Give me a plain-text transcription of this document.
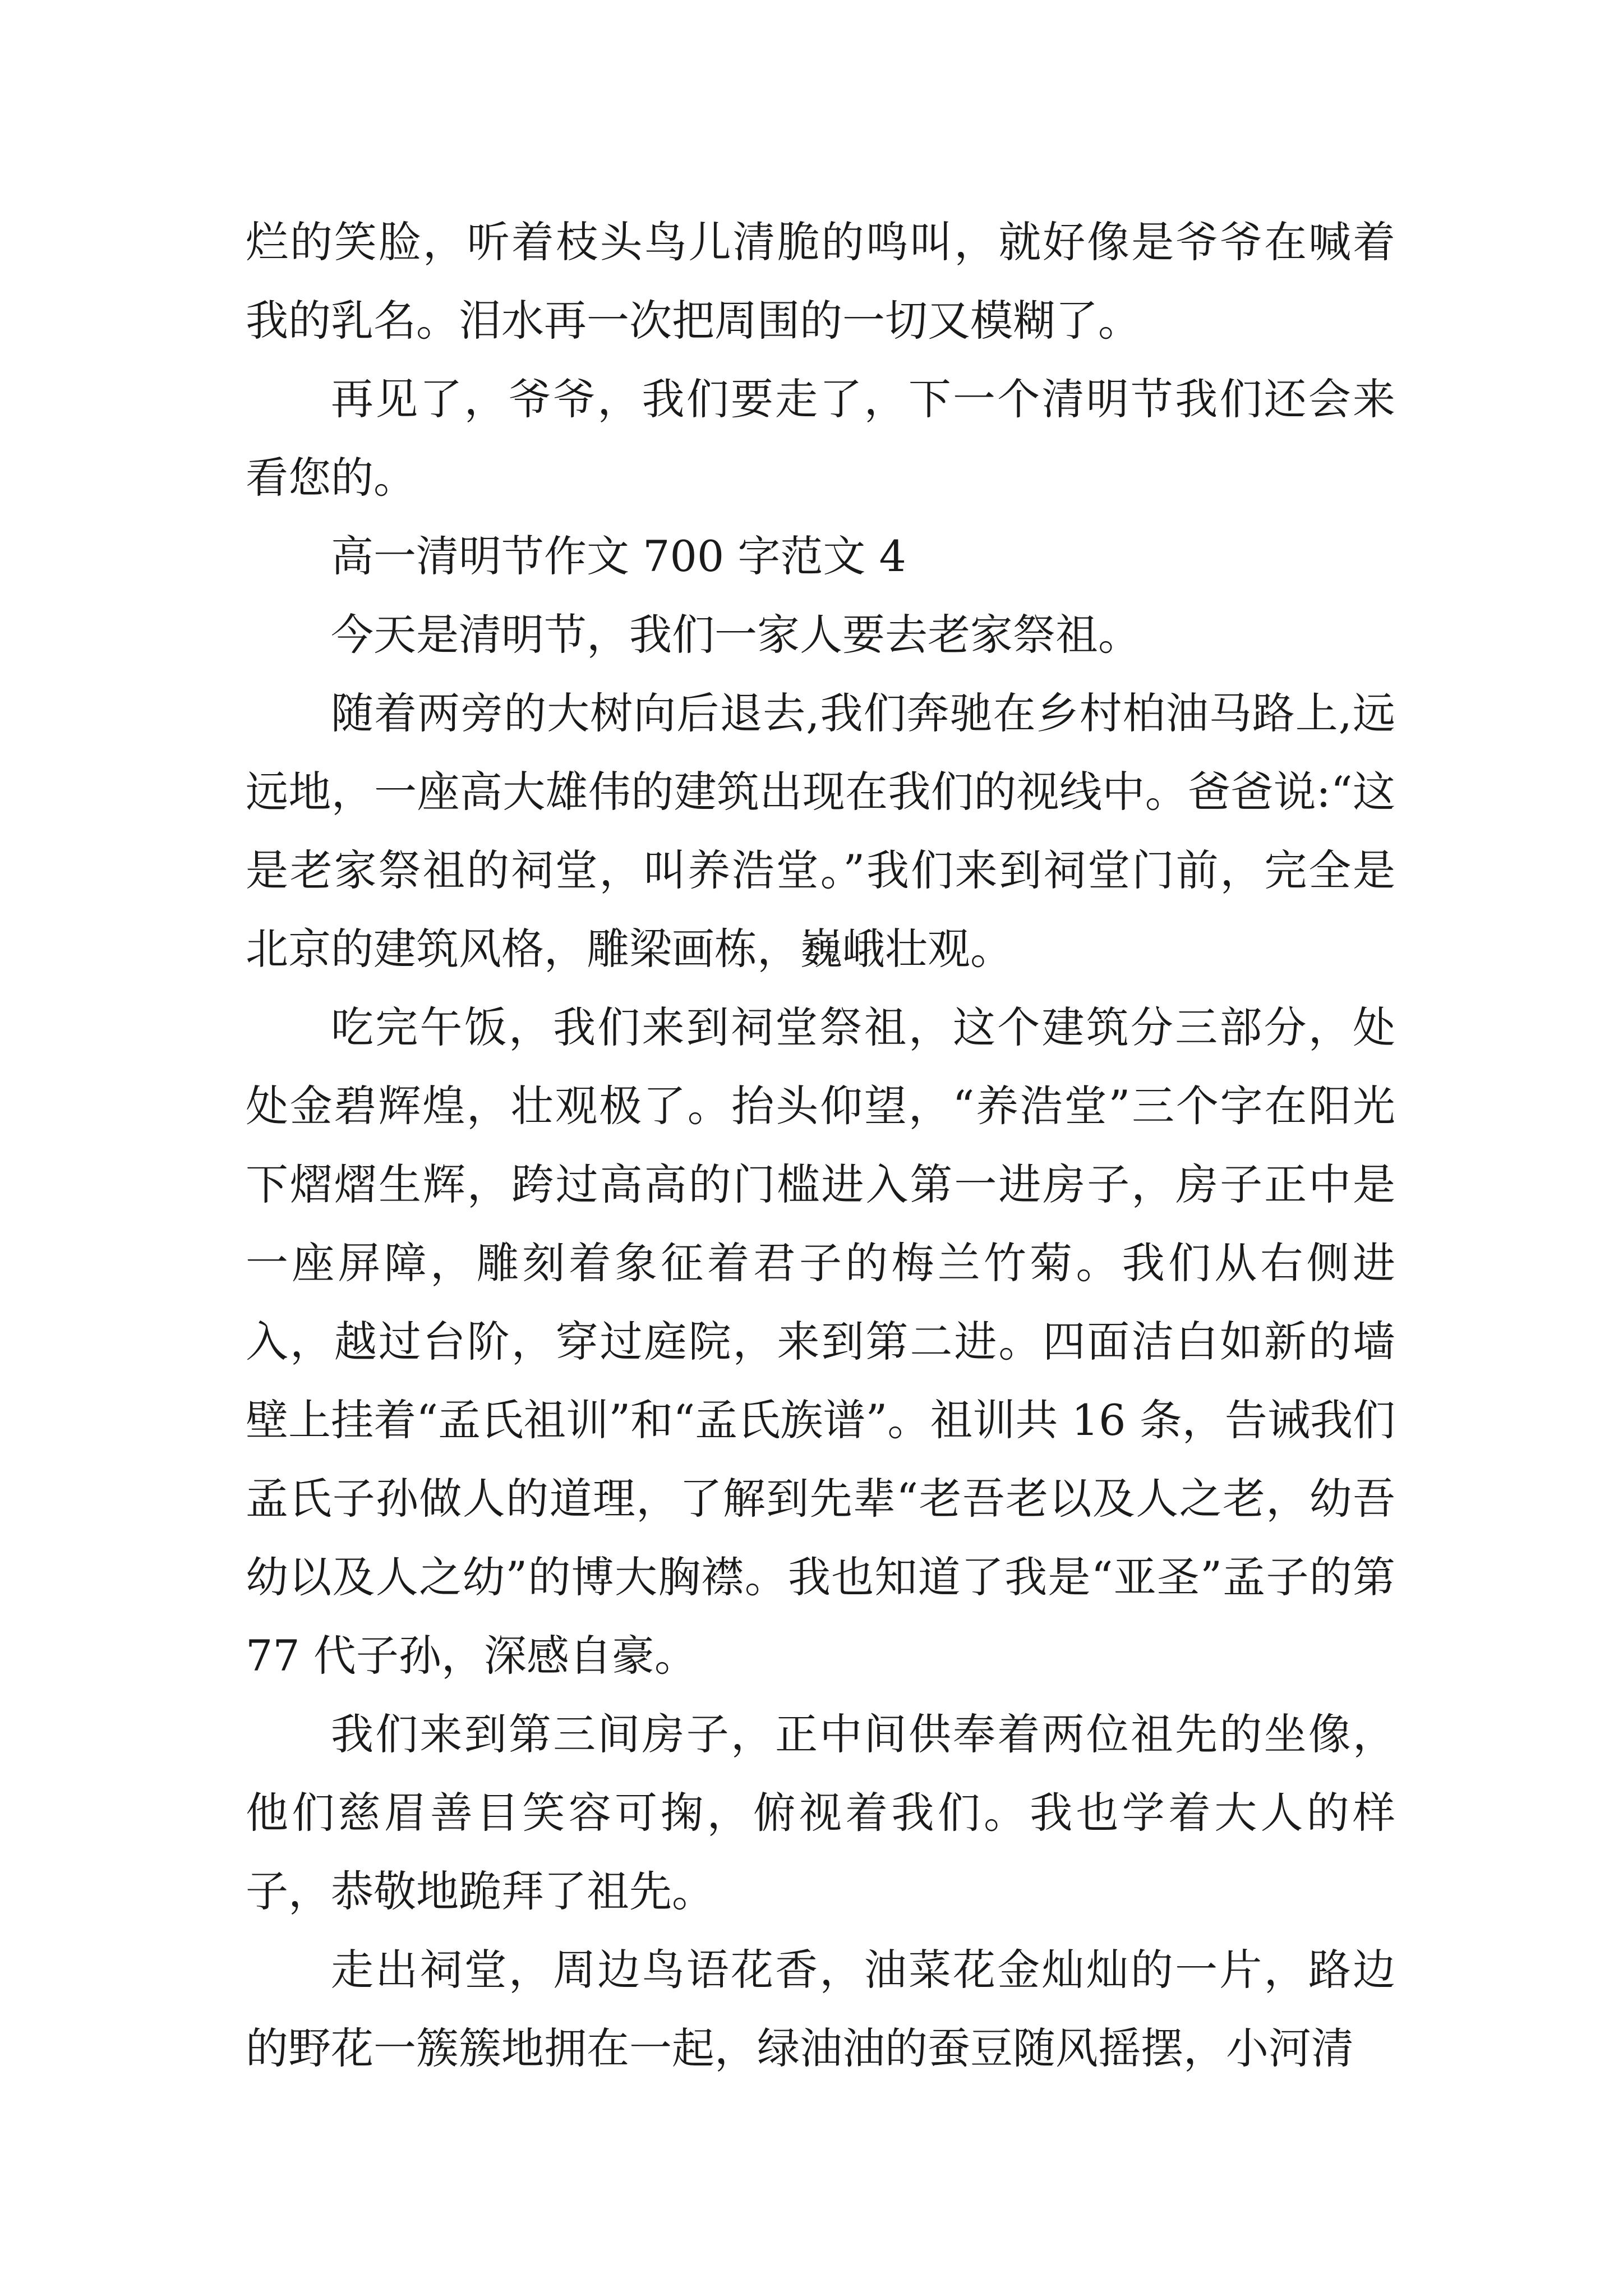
烂的笑脸，听着枝头鸟儿清脆的鸣叫，就好像是爷爷在喊着我的乳名。泪水再一次把周围的一切又模糊了。

再见了，爷爷，我们要走了，下一个清明节我们还会来看您的。

高一清明节作文 700 字范文 4

今天是清明节，我们一家人要去老家祭祖。

随着两旁的大树向后退去,我们奔驰在乡村柏油马路上,远远地，一座高大雄伟的建筑出现在我们的视线中。爸爸说:“这是老家祭祖的祠堂，叫养浩堂。”我们来到祠堂门前，完全是北京的建筑风格，雕梁画栋，巍峨壮观。

吃完午饭，我们来到祠堂祭祖，这个建筑分三部分，处处金碧辉煌，壮观极了。抬头仰望，“养浩堂”三个字在阳光下熠熠生辉，跨过高高的门槛进入第一进房子，房子正中是一座屏障，雕刻着象征着君子的梅兰竹菊。我们从右侧进入，越过台阶，穿过庭院，来到第二进。四面洁白如新的墙壁上挂着“孟氏祖训”和“孟氏族谱”。祖训共 16 条，告诫我们孟氏子孙做人的道理，了解到先辈“老吾老以及人之老，幼吾幼以及人之幼”的博大胸襟。我也知道了我是“亚圣”孟子的第 77 代子孙，深感自豪。

我们来到第三间房子，正中间供奉着两位祖先的坐像，他们慈眉善目笑容可掬，俯视着我们。我也学着大人的样子，恭敬地跪拜了祖先。

走出祠堂，周边鸟语花香，油菜花金灿灿的一片，路边的野花一簇簇地拥在一起，绿油油的蚕豆随风摇摆，小河清
